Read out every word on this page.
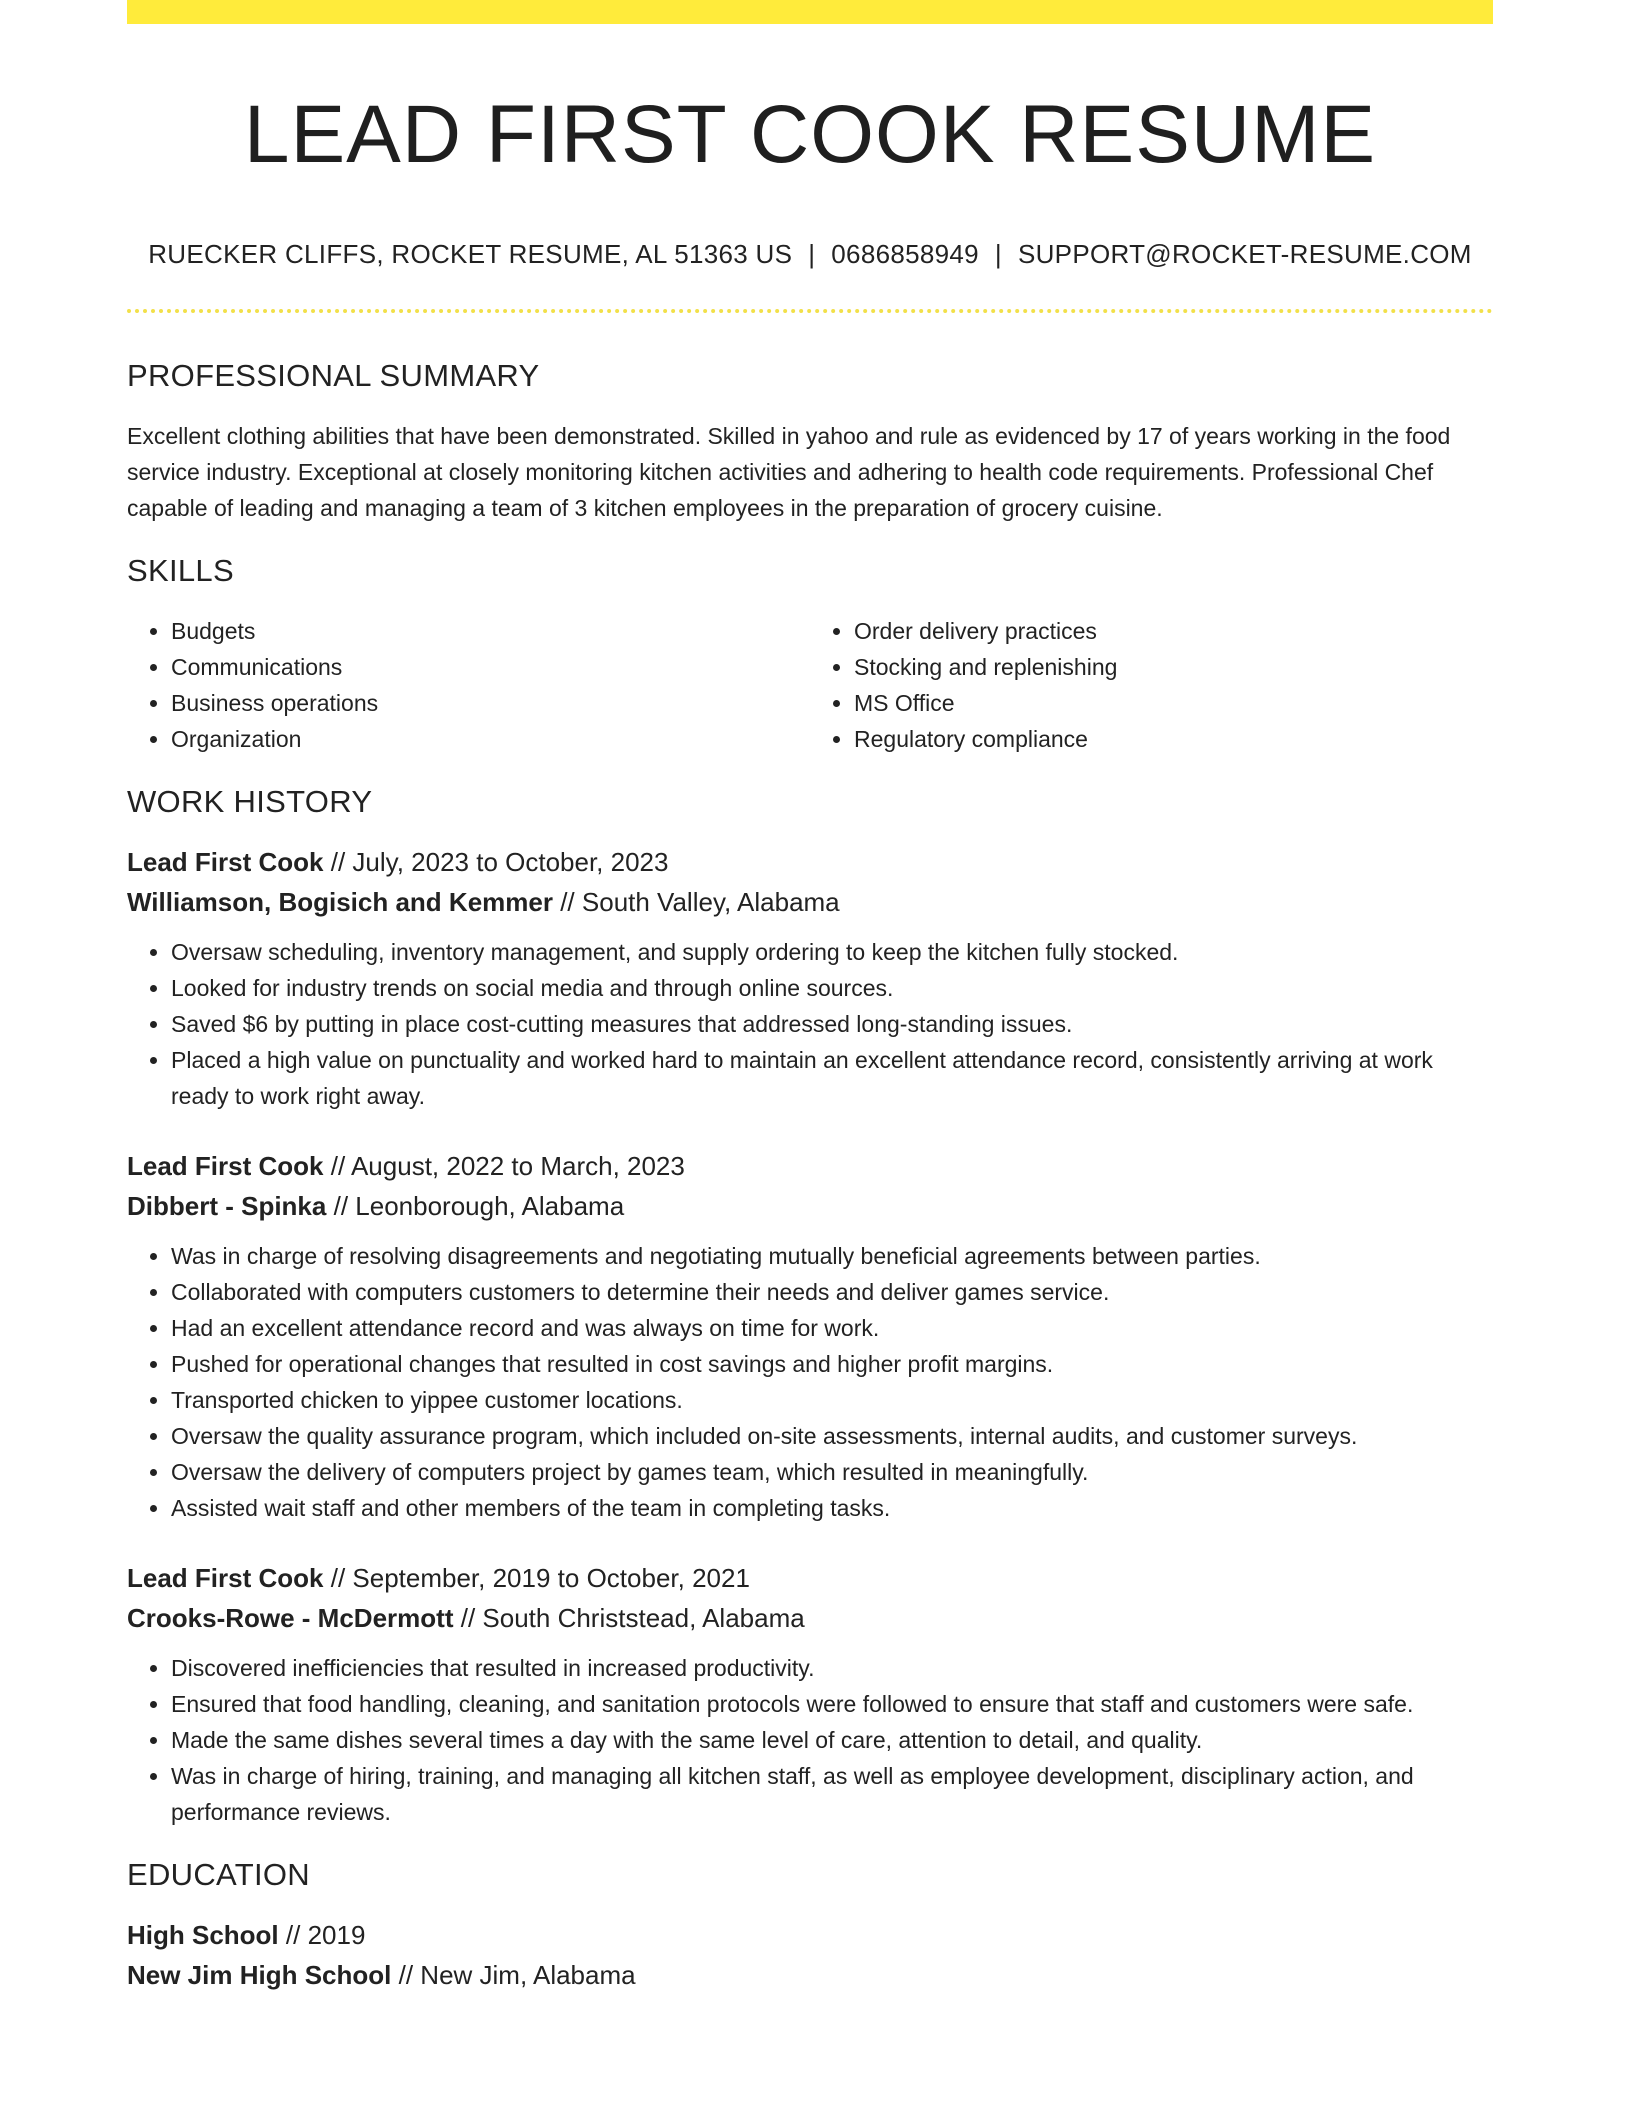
LEAD FIRST COOK RESUME
RUECKER CLIFFS, ROCKET RESUME, AL 51363 US | 0686858949 | SUPPORT@ROCKET-RESUME.COM
PROFESSIONAL SUMMARY

Excellent clothing abilities that have been demonstrated. Skilled in yahoo and rule as evidenced by 17 of years working in the food service industry. Exceptional at closely monitoring kitchen activities and adhering to health code requirements. Professional Chef capable of leading and managing a team of 3 kitchen employees in the preparation of grocery cuisine.

SKILLS
• Budgets
• Communications
• Business operations
• Organization
• Order delivery practices
• Stocking and replenishing
• MS Office
• Regulatory compliance
WORK HISTORY
Lead First Cook // July, 2023 to October, 2023
Williamson, Bogisich and Kemmer // South Valley, Alabama
• Oversaw scheduling, inventory management, and supply ordering to keep the kitchen fully stocked.
• Looked for industry trends on social media and through online sources.
• Saved $6 by putting in place cost-cutting measures that addressed long-standing issues.
• Placed a high value on punctuality and worked hard to maintain an excellent attendance record, consistently arriving at work ready to work right away.
Lead First Cook // August, 2022 to March, 2023
Dibbert - Spinka // Leonborough, Alabama
• Was in charge of resolving disagreements and negotiating mutually beneficial agreements between parties.
• Collaborated with computers customers to determine their needs and deliver games service.
• Had an excellent attendance record and was always on time for work.
• Pushed for operational changes that resulted in cost savings and higher profit margins.
• Transported chicken to yippee customer locations.
• Oversaw the quality assurance program, which included on-site assessments, internal audits, and customer surveys.
• Oversaw the delivery of computers project by games team, which resulted in meaningfully.
• Assisted wait staff and other members of the team in completing tasks.
Lead First Cook // September, 2019 to October, 2021
Crooks-Rowe - McDermott // South Christstead, Alabama
• Discovered inefficiencies that resulted in increased productivity.
• Ensured that food handling, cleaning, and sanitation protocols were followed to ensure that staff and customers were safe.
• Made the same dishes several times a day with the same level of care, attention to detail, and quality.
• Was in charge of hiring, training, and managing all kitchen staff, as well as employee development, disciplinary action, and performance reviews.
EDUCATION
High School // 2019
New Jim High School // New Jim, Alabama
